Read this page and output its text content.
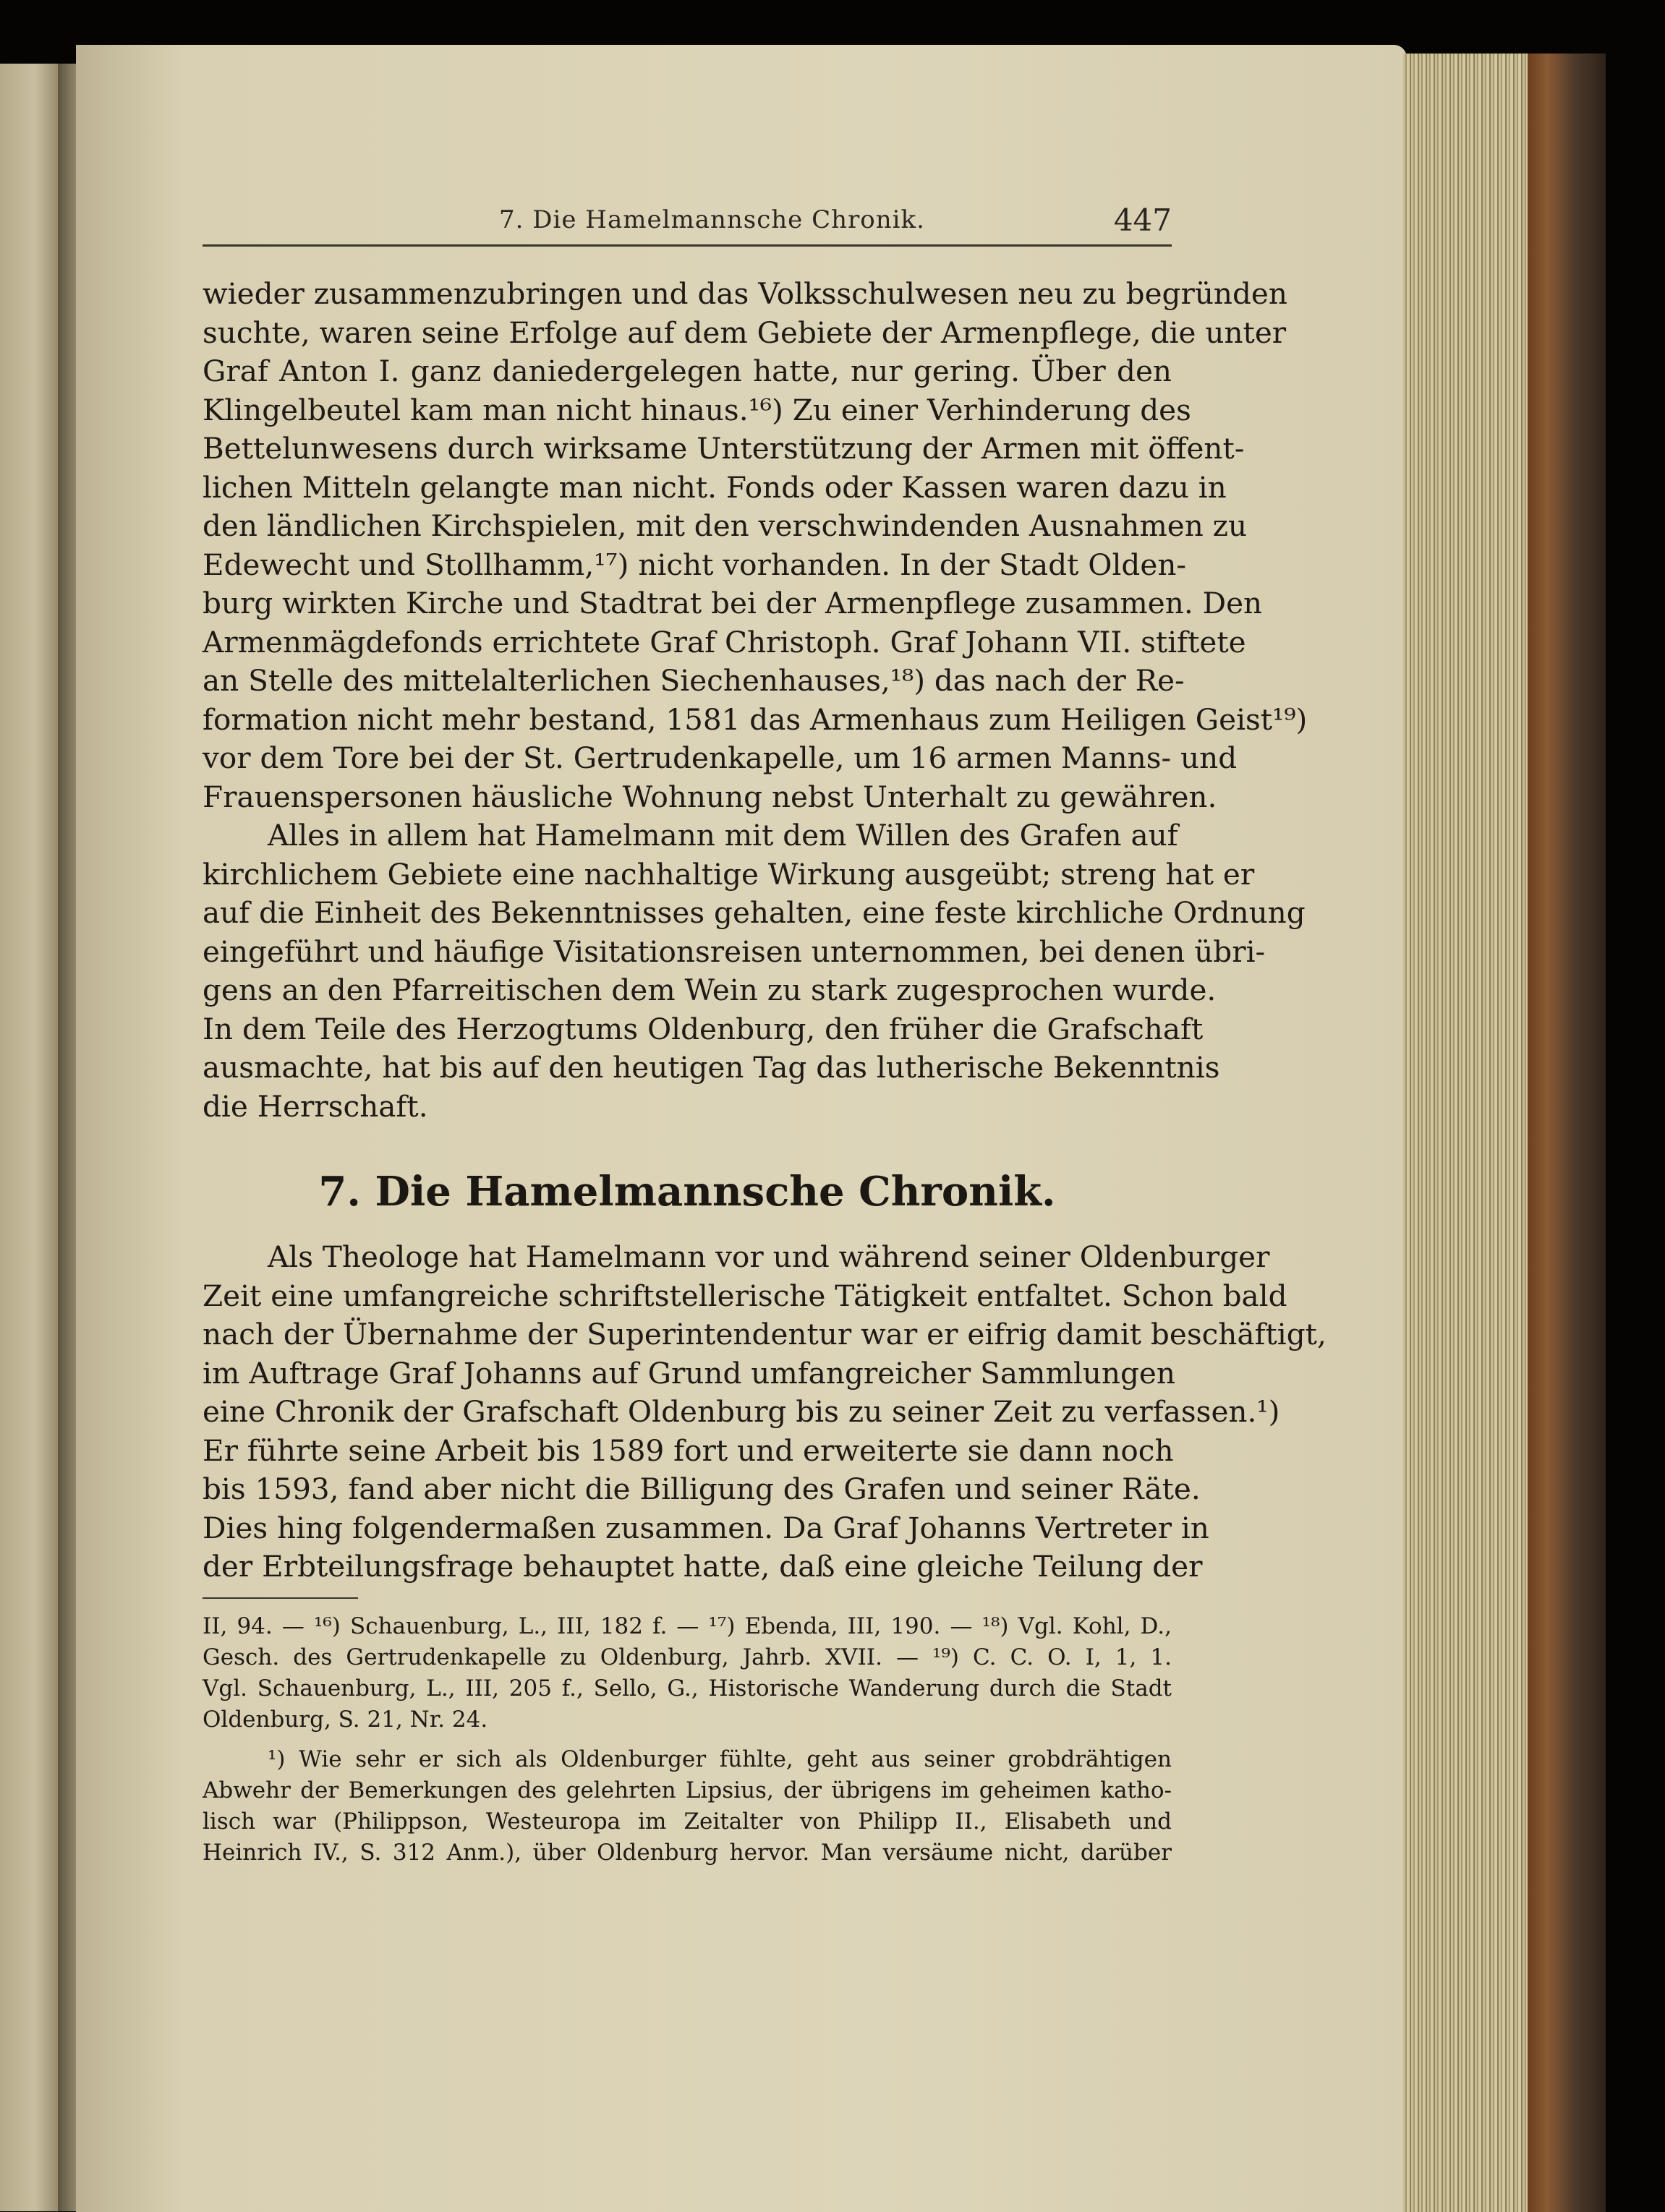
7. Die Hamelmannsche Chronik.	447
wieder zusammenzubringen und das Volksschulwesen neu zu begründen
suchte, waren seine Erfolge auf dem Gebiete der Armenpflege, die unter
Graf Anton I. ganz daniedergelegen hatte, nur gering. Über den
Klingelbeutel kam man nicht hinaus.¹⁶) Zu einer Verhinderung des
Bettelunwesens durch wirksame Unterstützung der Armen mit öffent-
lichen Mitteln gelangte man nicht. Fonds oder Kassen waren dazu in
den ländlichen Kirchspielen, mit den verschwindenden Ausnahmen zu
Edewecht und Stollhamm,¹⁷) nicht vorhanden. In der Stadt Olden-
burg wirkten Kirche und Stadtrat bei der Armenpflege zusammen. Den
Armenmägdefonds errichtete Graf Christoph. Graf Johann VII. stiftete
an Stelle des mittelalterlichen Siechenhauses,¹⁸) das nach der Re-
formation nicht mehr bestand, 1581 das Armenhaus zum Heiligen Geist¹⁹)
vor dem Tore bei der St. Gertrudenkapelle, um 16 armen Manns- und
Frauenspersonen häusliche Wohnung nebst Unterhalt zu gewähren.
Alles in allem hat Hamelmann mit dem Willen des Grafen auf
kirchlichem Gebiete eine nachhaltige Wirkung ausgeübt; streng hat er
auf die Einheit des Bekenntnisses gehalten, eine feste kirchliche Ordnung
eingeführt und häufige Visitationsreisen unternommen, bei denen übri-
gens an den Pfarreitischen dem Wein zu stark zugesprochen wurde.
In dem Teile des Herzogtums Oldenburg, den früher die Grafschaft
ausmachte, hat bis auf den heutigen Tag das lutherische Bekenntnis
die Herrschaft.
7. Die Hamelmannsche Chronik.
Als Theologe hat Hamelmann vor und während seiner Oldenburger
Zeit eine umfangreiche schriftstellerische Tätigkeit entfaltet. Schon bald
nach der Übernahme der Superintendentur war er eifrig damit beschäftigt,
im Auftrage Graf Johanns auf Grund umfangreicher Sammlungen
eine Chronik der Grafschaft Oldenburg bis zu seiner Zeit zu verfassen.¹)
Er führte seine Arbeit bis 1589 fort und erweiterte sie dann noch
bis 1593, fand aber nicht die Billigung des Grafen und seiner Räte.
Dies hing folgendermaßen zusammen. Da Graf Johanns Vertreter in
der Erbteilungsfrage behauptet hatte, daß eine gleiche Teilung der
II, 94. — ¹⁶) Schauenburg, L., III, 182 f. — ¹⁷) Ebenda, III, 190. — ¹⁸) Vgl. Kohl, D.,
Gesch. des Gertrudenkapelle zu Oldenburg, Jahrb. XVII. — ¹⁹) C. C. O. I, 1, 1.
Vgl. Schauenburg, L., III, 205 f., Sello, G., Historische Wanderung durch die Stadt
Oldenburg, S. 21, Nr. 24.
¹) Wie sehr er sich als Oldenburger fühlte, geht aus seiner grobdrähtigen
Abwehr der Bemerkungen des gelehrten Lipsius, der übrigens im geheimen katho-
lisch war (Philippson, Westeuropa im Zeitalter von Philipp II., Elisabeth und
Heinrich IV., S. 312 Anm.), über Oldenburg hervor. Man versäume nicht, darüber
